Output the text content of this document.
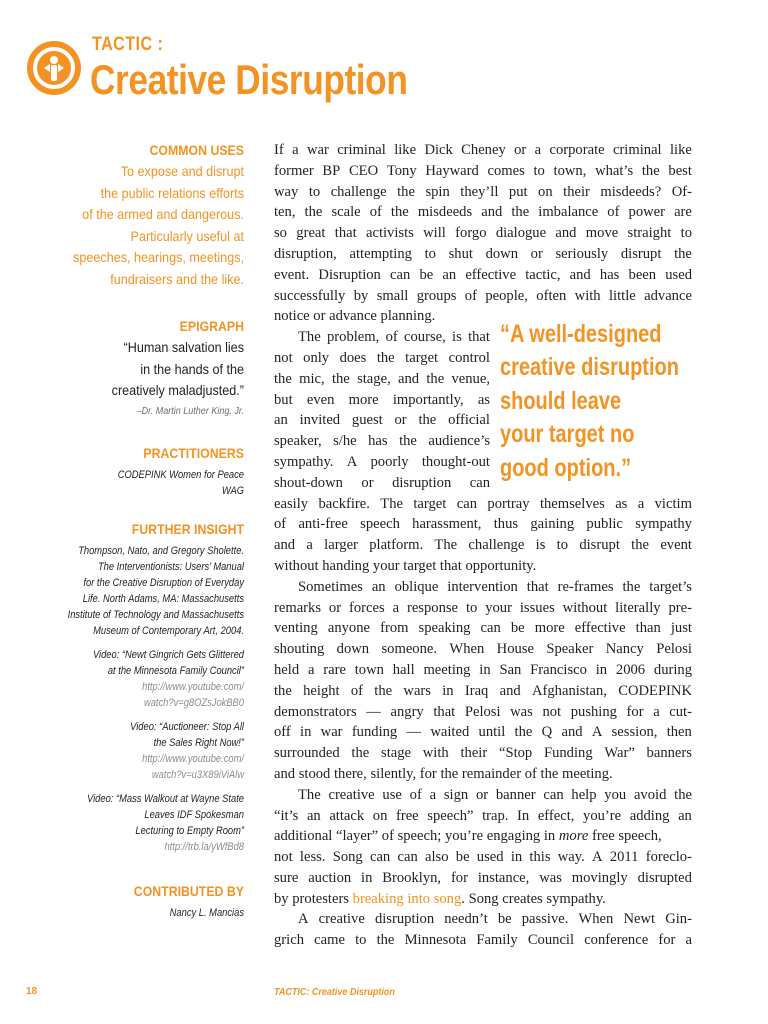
TACTIC :
Creative Disruption
COMMON USES
To expose and disrupt
the public relations efforts
of the armed and dangerous.
Particularly useful at
speeches, hearings, meetings,
fundraisers and the like.
EPIGRAPH
“Human salvation lies
in the hands of the
creatively maladjusted.”
–Dr. Martin Luther King, Jr.
PRACTITIONERS
CODEPINK Women for Peace
WAG
FURTHER INSIGHT
Thompson, Nato, and Gregory Sholette.
The Interventionists: Users’ Manual
for the Creative Disruption of Everyday
Life. North Adams, MA: Massachusetts
Institute of Technology and Massachusetts
Museum of Contemporary Art, 2004.
Video: “Newt Gingrich Gets Glittered
at the Minnesota Family Council”
http://www.youtube.com/
watch?v=g8OZsJokBB0
Video: “Auctioneer: Stop All
the Sales Right Now!”
http://www.youtube.com/
watch?v=u3X89iViAlw
Video: “Mass Walkout at Wayne State
Leaves IDF Spokesman
Lecturing to Empty Room”
http://trb.la/yWfBd8
CONTRIBUTED BY
Nancy L. Mancias
“A well-designed
creative disruption
should leave
your target no
good option.”
If a war criminal like Dick Cheney or a corporate criminal like
former BP CEO Tony Hayward comes to town, what’s the best
way to challenge the spin they’ll put on their misdeeds? Of-
ten, the scale of the misdeeds and the imbalance of power are
so great that activists will forgo dialogue and move straight to
disruption, attempting to shut down or seriously disrupt the
event. Disruption can be an effective tactic, and has been used
successfully by small groups of people, often with little advance
notice or advance planning.
The problem, of course, is that
not only does the target control
the mic, the stage, and the venue,
but even more importantly, as
an invited guest or the official
speaker, s/he has the audience’s
sympathy. A poorly thought-out
shout-down or disruption can
easily backfire. The target can portray themselves as a victim
of anti-free speech harassment, thus gaining public sympathy
and a larger platform. The challenge is to disrupt the event
without handing your target that opportunity.
Sometimes an oblique intervention that re-frames the target’s
remarks or forces a response to your issues without literally pre-
venting anyone from speaking can be more effective than just
shouting down someone. When House Speaker Nancy Pelosi
held a rare town hall meeting in San Francisco in 2006 during
the height of the wars in Iraq and Afghanistan, CODEPINK
demonstrators — angry that Pelosi was not pushing for a cut-
off in war funding — waited until the Q and A session, then
surrounded the stage with their “Stop Funding War” banners
and stood there, silently, for the remainder of the meeting.
The creative use of a sign or banner can help you avoid the
“it’s an attack on free speech” trap. In effect, you’re adding an
additional “layer” of speech; you’re engaging in
more
free speech,
not less. Song can can also be used in this way. A 2011 foreclo-
sure auction in Brooklyn, for instance, was movingly disrupted
by protesters
breaking into song . Song creates sympathy.
A creative disruption needn’t be passive. When Newt Gin-
grich came to the Minnesota Family Council conference for a
18	TACTIC: Creative Disruption
